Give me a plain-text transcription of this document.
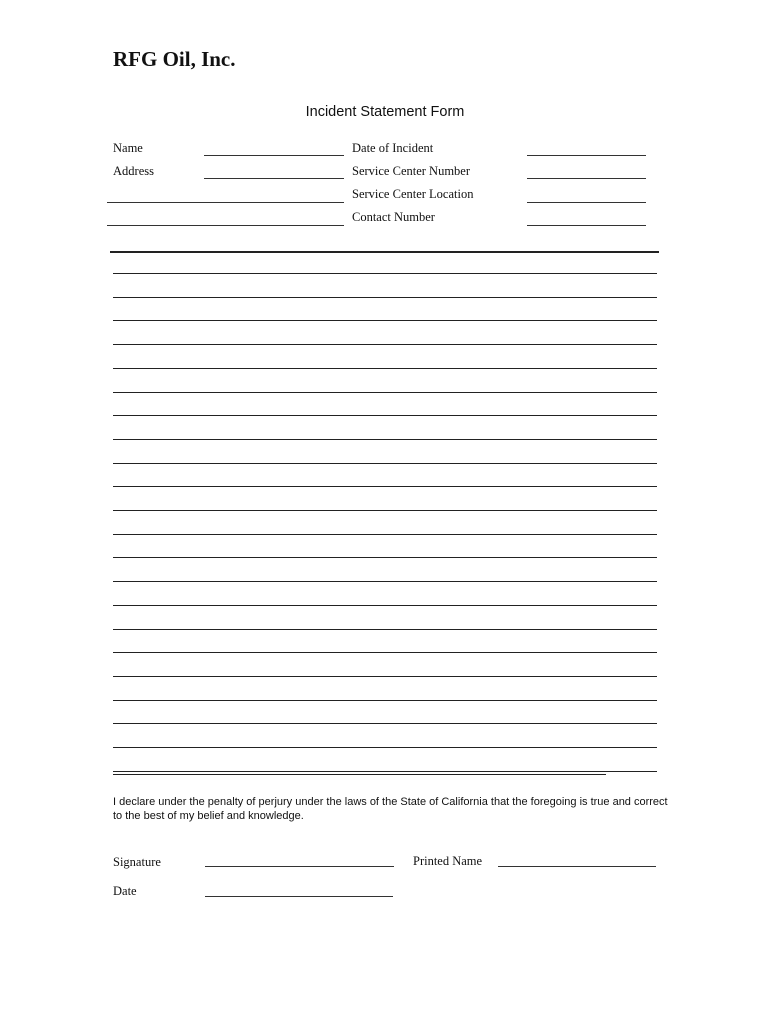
RFG Oil, Inc.
Incident Statement Form
Name
Address
Date of Incident
Service Center Number
Service Center Location
Contact Number
I declare under the penalty of perjury under the laws of the State of California that the foregoing is true and correct to the best of my belief and knowledge.
Signature	Printed Name
Date
